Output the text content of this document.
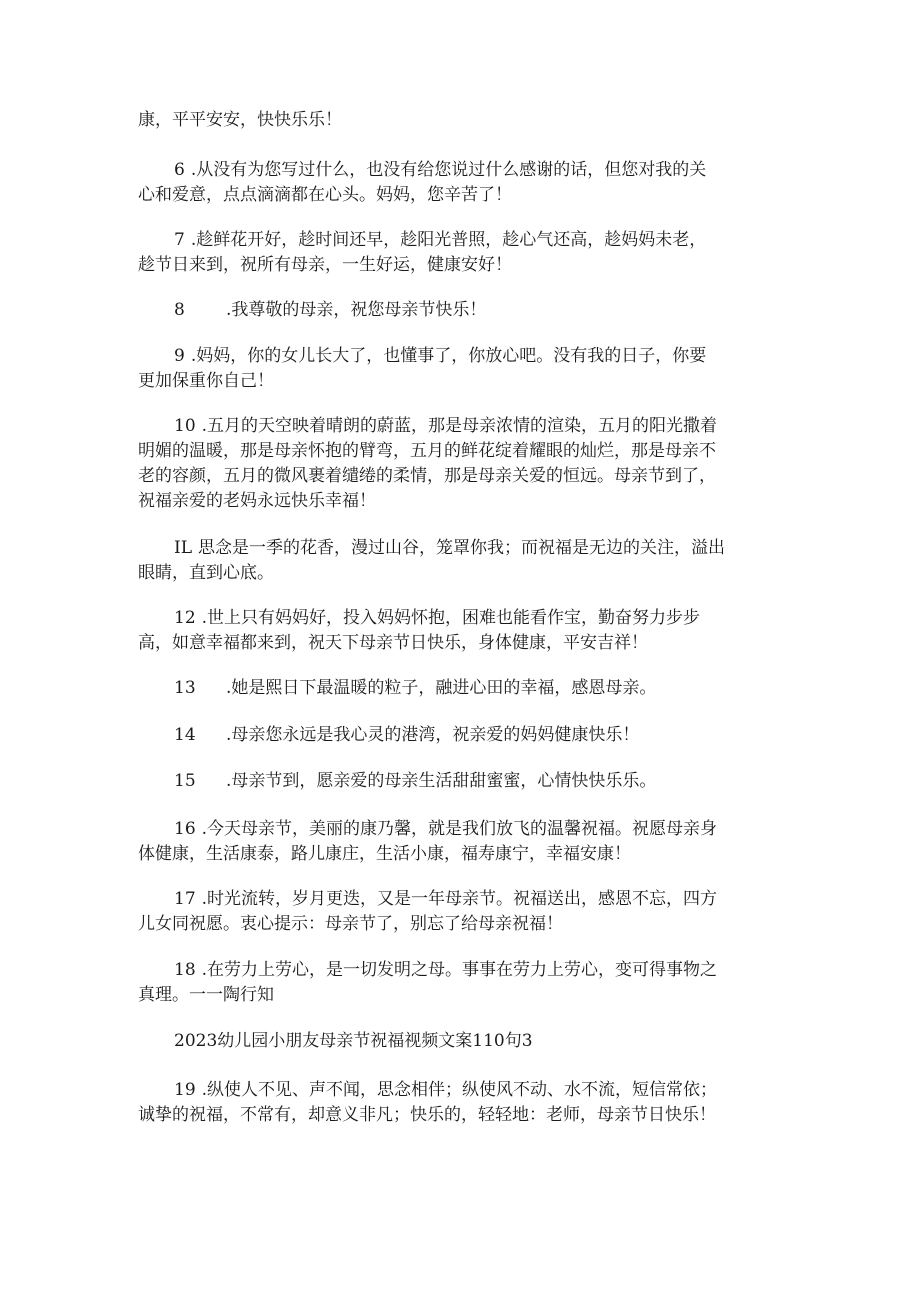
康，平平安安，快快乐乐！
6 .从没有为您写过什么，也没有给您说过什么感谢的话，但您对我的关
心和爱意，点点滴滴都在心头。妈妈，您辛苦了！
7 .趁鲜花开好，趁时间还早，趁阳光普照，趁心气还高，趁妈妈未老，
趁节日来到，祝所有母亲，一生好运，健康安好！
8 .我尊敬的母亲，祝您母亲节快乐！
9 .妈妈，你的女儿长大了，也懂事了，你放心吧。没有我的日子，你要
更加保重你自己！
10 .五月的天空映着晴朗的蔚蓝，那是母亲浓情的渲染，五月的阳光撒着
明媚的温暖，那是母亲怀抱的臂弯，五月的鲜花绽着耀眼的灿烂，那是母亲不
老的容颜，五月的微风裹着缱绻的柔情，那是母亲关爱的恒远。母亲节到了，
祝福亲爱的老妈永远快乐幸福！
IL 思念是一季的花香，漫过山谷，笼罩你我；而祝福是无边的关注，溢出
眼睛，直到心底。
12 .世上只有妈妈好，投入妈妈怀抱，困难也能看作宝，勤奋努力步步
高，如意幸福都来到，祝天下母亲节日快乐，身体健康，平安吉祥！
13 .她是熙日下最温暖的粒子，融进心田的幸福，感恩母亲。
14 .母亲您永远是我心灵的港湾，祝亲爱的妈妈健康快乐！
15 .母亲节到，愿亲爱的母亲生活甜甜蜜蜜，心情快快乐乐。
16 .今天母亲节，美丽的康乃馨，就是我们放飞的温馨祝福。祝愿母亲身
体健康，生活康泰，路儿康庄，生活小康，福寿康宁，幸福安康！
17 .时光流转，岁月更迭，又是一年母亲节。祝福送出，感恩不忘，四方
儿女同祝愿。衷心提示：母亲节了，别忘了给母亲祝福！
18 .在劳力上劳心，是一切发明之母。事事在劳力上劳心，变可得事物之
真理。一一陶行知
2023幼儿园小朋友母亲节祝福视频文案110句3
19 .纵使人不见、声不闻，思念相伴；纵使风不动、水不流，短信常依；
诚挚的祝福，不常有，却意义非凡；快乐的，轻轻地：老师，母亲节日快乐！
